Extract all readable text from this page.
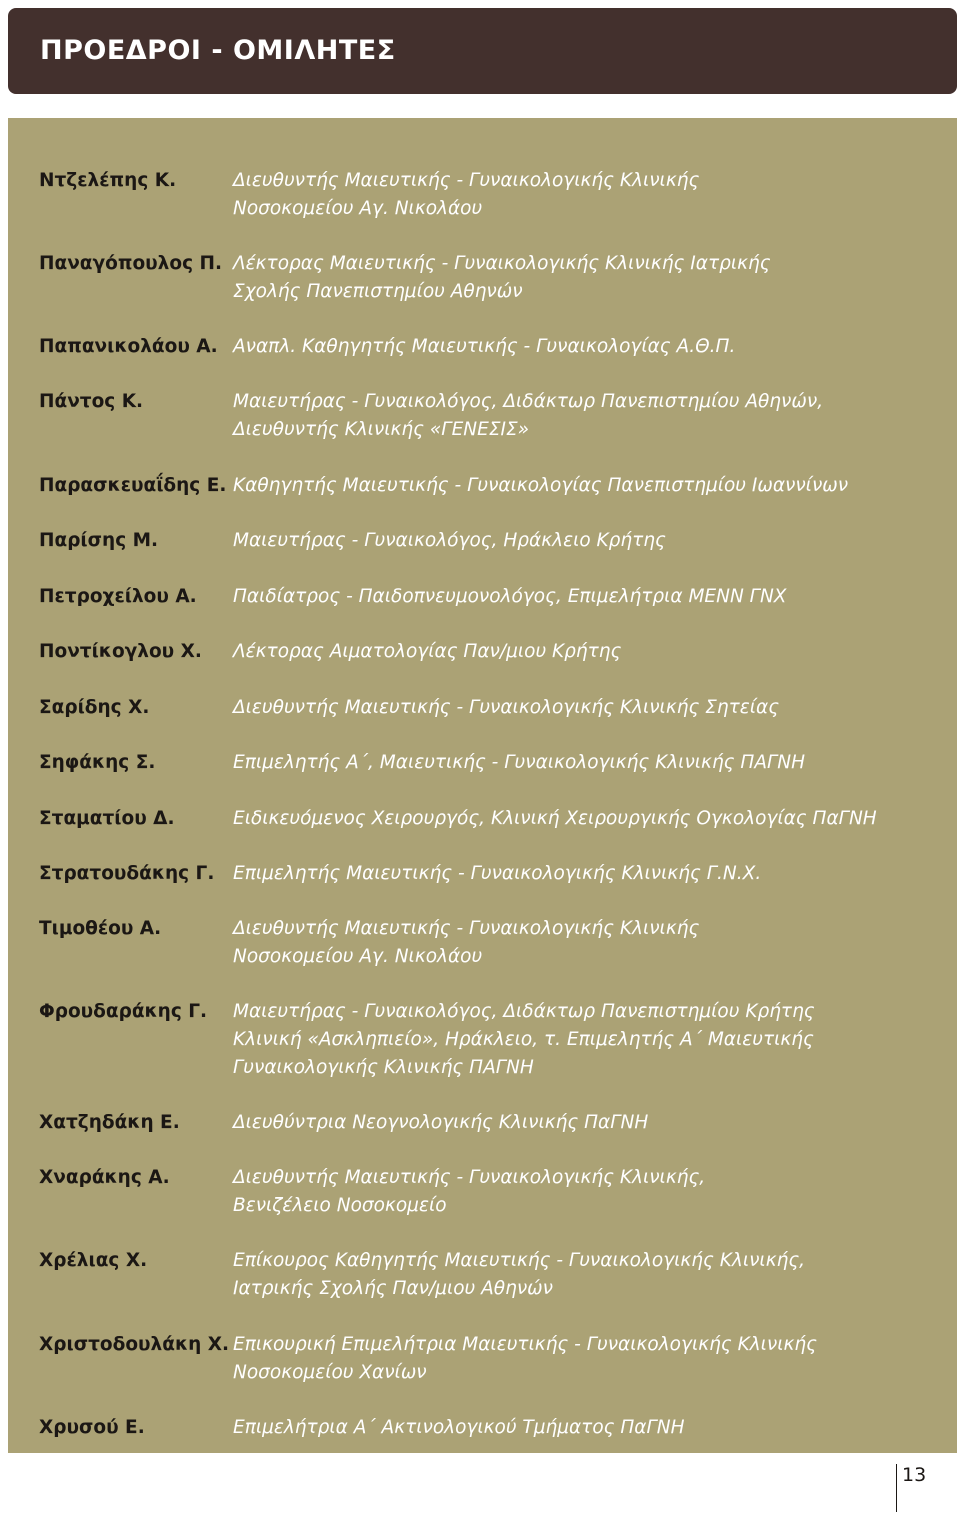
ΠΡΟΕΔΡΟΙ - ΟΜΙΛΗΤΕΣ
Ντζελέπης Κ.	Διευθυντής Μαιευτικής - Γυναικολογικής Κλινικής
Νοσοκομείου Αγ. Νικολάου
Παναγόπουλος Π. Λέκτορας Μαιευτικής - Γυναικολογικής Κλινικής Ιατρικής
Σχολής Πανεπιστημίου Αθηνών
Παπανικολάου Α. Αναπλ. Καθηγητής Μαιευτικής - Γυναικολογίας Α.Θ.Π.
Πάντος Κ.	Μαιευτήρας - Γυναικολόγος, Διδάκτωρ Πανεπιστημίου Αθηνών,
Διευθυντής Κλινικής «ΓΕΝΕΣΙΣ»
Παρασκευαΐδης Ε. Καθηγητής Μαιευτικής - Γυναικολογίας Πανεπιστημίου Ιωαννίνων
Παρίσης Μ.	Μαιευτήρας - Γυναικολόγος, Ηράκλειο Κρήτης
Πετροχείλου Α. Παιδίατρος - Παιδοπνευμονολόγος, Επιμελήτρια ΜΕΝΝ ΓΝΧ
Ποντίκογλου Χ. Λέκτορας Αιματολογίας Παν/μιου Κρήτης
Σαρίδης Χ.	Διευθυντής Μαιευτικής - Γυναικολογικής Κλινικής Σητείας
Σηφάκης Σ.	Επιμελητής Α΄, Μαιευτικής - Γυναικολογικής Κλινικής ΠΑΓΝΗ
Σταματίου Δ.	Ειδικευόμενος Χειρουργός, Κλινική Χειρουργικής Ογκολογίας ΠαΓΝΗ
Στρατουδάκης Γ. Επιμελητής Μαιευτικής - Γυναικολογικής Κλινικής Γ.Ν.Χ.
Τιμοθέου Α.	Διευθυντής Μαιευτικής - Γυναικολογικής Κλινικής
Νοσοκομείου Αγ. Νικολάου
Φρουδαράκης Γ. Μαιευτήρας - Γυναικολόγος, Διδάκτωρ Πανεπιστημίου Κρήτης
Κλινική «Ασκληπιείο», Ηράκλειο, τ. Επιμελητής Α΄ Μαιευτικής
Γυναικολογικής Κλινικής ΠΑΓΝΗ
Χατζηδάκη Ε.	Διευθύντρια Νεογνολογικής Κλινικής ΠαΓΝΗ
Χναράκης Α.	Διευθυντής Μαιευτικής - Γυναικολογικής Κλινικής,
Βενιζέλειο Νοσοκομείο
Χρέλιας Χ.	Επίκουρος Καθηγητής Μαιευτικής - Γυναικολογικής Κλινικής,
Ιατρικής Σχολής Παν/μιου Αθηνών
Χριστοδουλάκη Χ. Επικουρική Επιμελήτρια Μαιευτικής - Γυναικολογικής Κλινικής
Νοσοκομείου Χανίων
Χρυσού Ε.	Επιμελήτρια Α΄ Ακτινολογικού Τμήματος ΠαΓΝΗ
13
